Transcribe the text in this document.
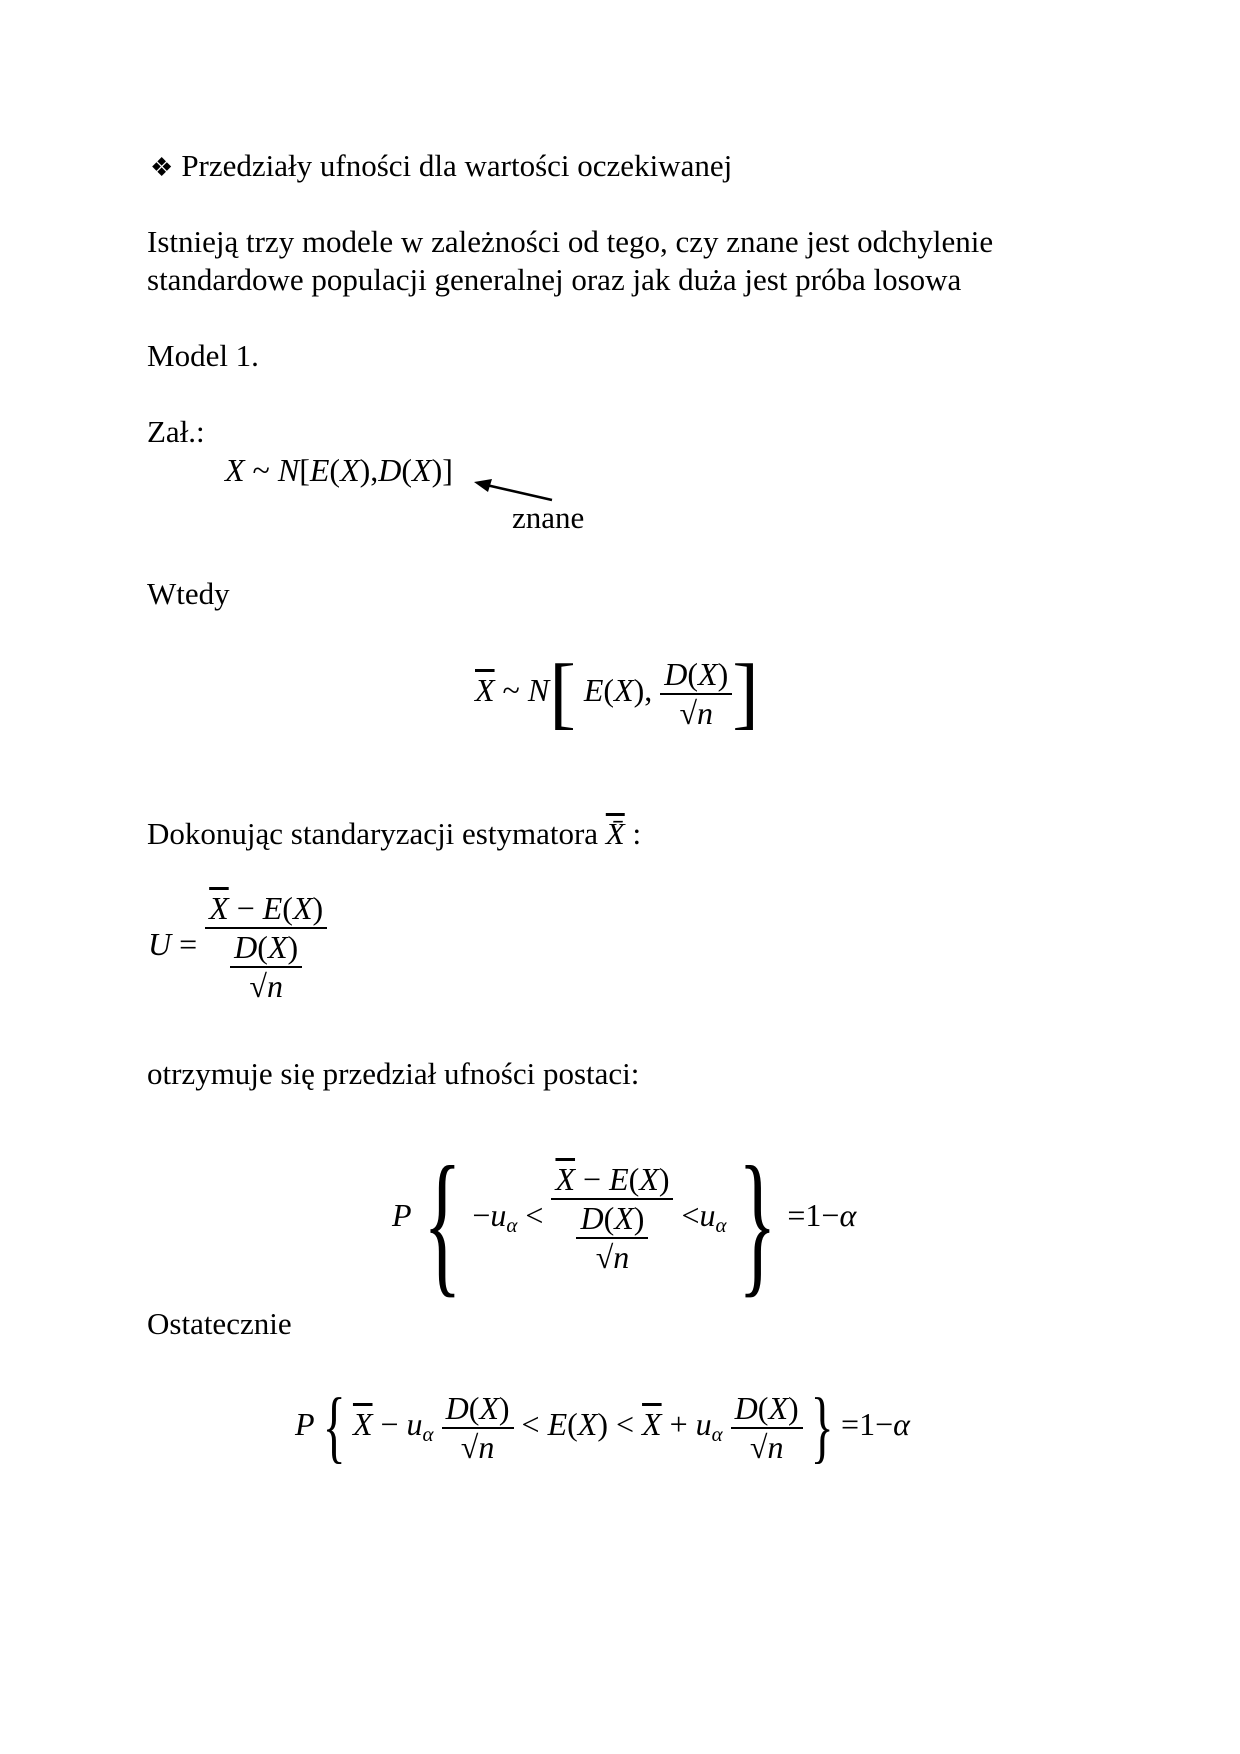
❖ Przedziały ufności dla wartości oczekiwanej
Istnieją trzy modele w zależności od tego, czy znane jest odchylenie
standardowe populacji generalnej oraz jak duża jest próba losowa
Model 1.
Zał.:
X ~ N[E(X),D(X)]
znane
Wtedy
$\overline{X}$ ~ N[ E(X), $\frac{D(X)}{√n}$ ]
Dokonując standaryzacji estymatora X̄ :
$U = \frac{\overline{X} - E(X)}{\frac{D(X)}{√n}}$
otrzymuje się przedział ufności postaci:
$P\{ -u_\alpha < \frac{\overline{X} - E(X)}{\frac{D(X)}{√n}} <u_\alpha\} =1-\alpha$
Ostatecznie
P{ $\overline{X} - u_\alpha \frac{D(X)}{√n} < E(X) < \overline{X} + u_\alpha \frac{D(X)}{√n}$ } =1−α
